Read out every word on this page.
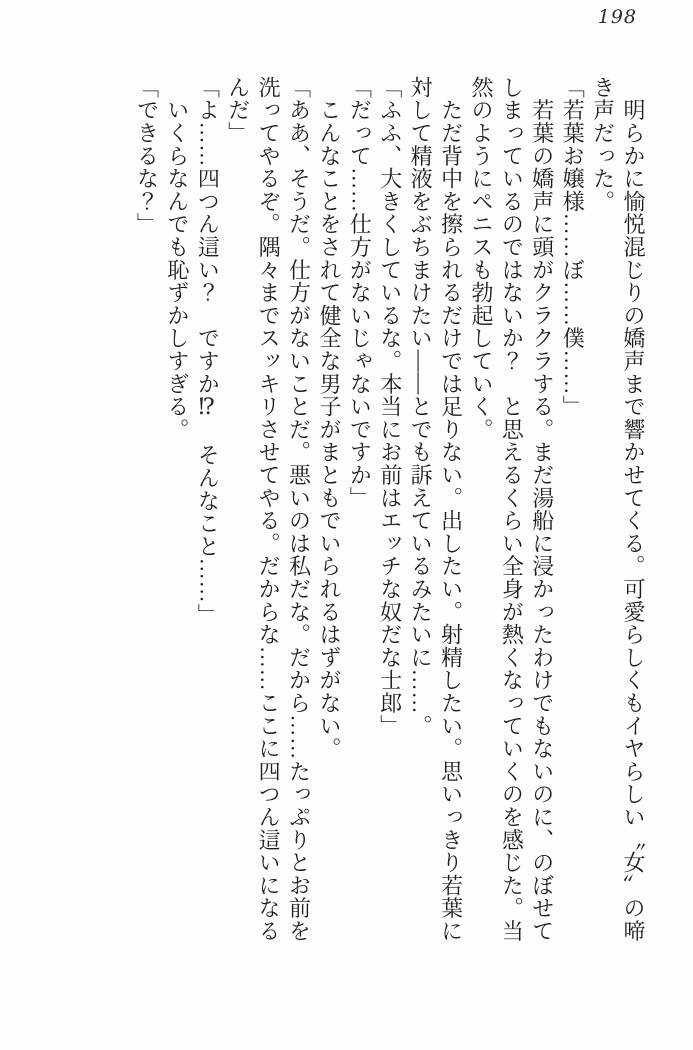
198

　明らかに愉悦混じりの嬌声まで響かせてくる。可愛らしくもイヤらしい〝女〟の啼き声だった。

「若葉お嬢様……ぼ……僕……」

　若葉の嬌声に頭がクラクラする。まだ湯船に浸かったわけでもないのに、のぼせてしまっているのではないか？　と思えるくらい全身が熱くなっていくのを感じた。当然のようにペニスも勃起していく。

　ただ背中を擦られるだけでは足りない。出したい。射精したい。思いっきり若葉に対して精液をぶちまけたい――とでも訴えているみたいに……。

「ふふ、大きくしているな。本当にお前はエッチな奴だな士郎」

「だって……仕方がないじゃないですか」

　こんなことをされて健全な男子がまともでいられるはずがない。

「ああ、そうだ。仕方がないことだ。悪いのは私だな。だから……たっぷりとお前を洗ってやるぞ。隅々までスッキリさせてやる。だからな……ここに四つん這いになるんだ」

「よ……四つん這い？　ですか⁉　そんなこと……」

　いくらなんでも恥ずかしすぎる。

「できるな？」
